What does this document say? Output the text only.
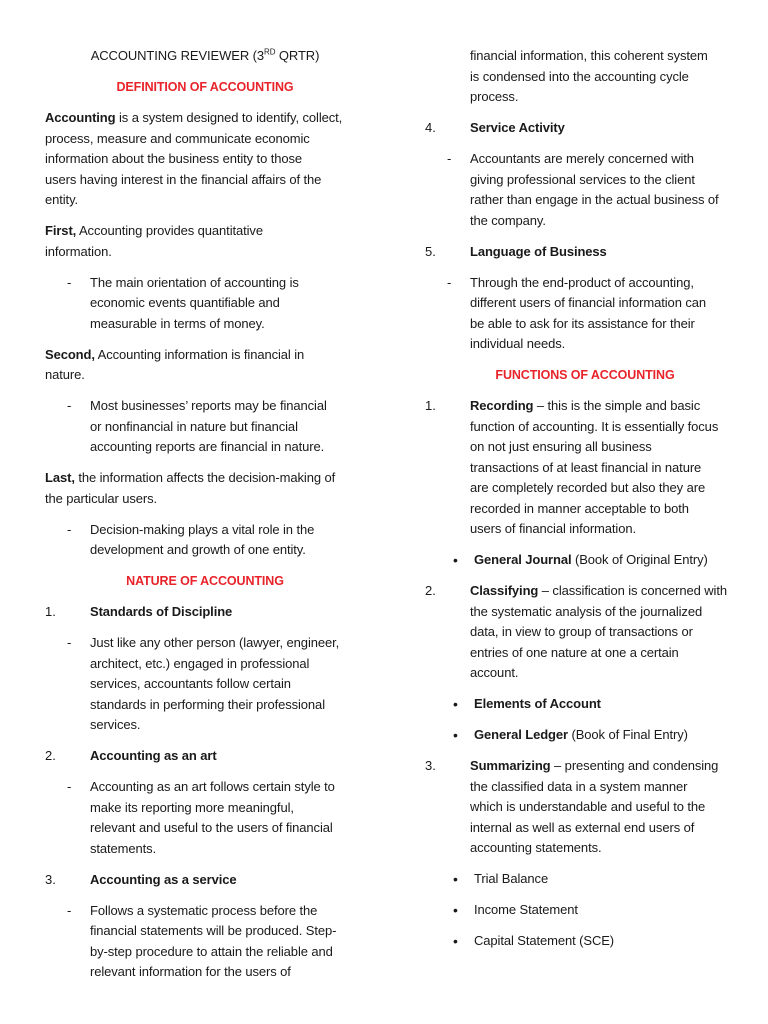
ACCOUNTING REVIEWER (3RD QRTR)
DEFINITION OF ACCOUNTING
Accounting is a system designed to identify, collect,
process, measure and communicate economic
information about the business entity to those
users having interest in the financial affairs of the
entity.
First, Accounting provides quantitative
information.
-	The main orientation of accounting is
economic events quantifiable and
measurable in terms of money.
Second, Accounting information is financial in
nature.
-	Most businesses’ reports may be financial
or nonfinancial in nature but financial
accounting reports are financial in nature.
Last, the information affects the decision-making of
the particular users.
-	Decision-making plays a vital role in the
development and growth of one entity.
NATURE OF ACCOUNTING
1.	Standards of Discipline
-	Just like any other person (lawyer, engineer,
architect, etc.) engaged in professional
services, accountants follow certain
standards in performing their professional
services.
2.	Accounting as an art
-	Accounting as an art follows certain style to
make its reporting more meaningful,
relevant and useful to the users of financial
statements.
3.	Accounting as a service
-	Follows a systematic process before the
financial statements will be produced. Step-
by-step procedure to attain the reliable and
relevant information for the users of
financial information, this coherent system
is condensed into the accounting cycle
process.
4.	Service Activity
-	Accountants are merely concerned with
giving professional services to the client
rather than engage in the actual business of
the company.
5.	Language of Business
-	Through the end-product of accounting,
different users of financial information can
be able to ask for its assistance for their
individual needs.
FUNCTIONS OF ACCOUNTING
1.	Recording – this is the simple and basic
function of accounting. It is essentially focus
on not just ensuring all business
transactions of at least financial in nature
are completely recorded but also they are
recorded in manner acceptable to both
users of financial information.
•	General Journal (Book of Original Entry)
2.	Classifying – classification is concerned with
the systematic analysis of the journalized
data, in view to group of transactions or
entries of one nature at one a certain
account.
•	Elements of Account
•	General Ledger (Book of Final Entry)
3.	Summarizing – presenting and condensing
the classified data in a system manner
which is understandable and useful to the
internal as well as external end users of
accounting statements.
•	Trial Balance
•	Income Statement
•	Capital Statement (SCE)
